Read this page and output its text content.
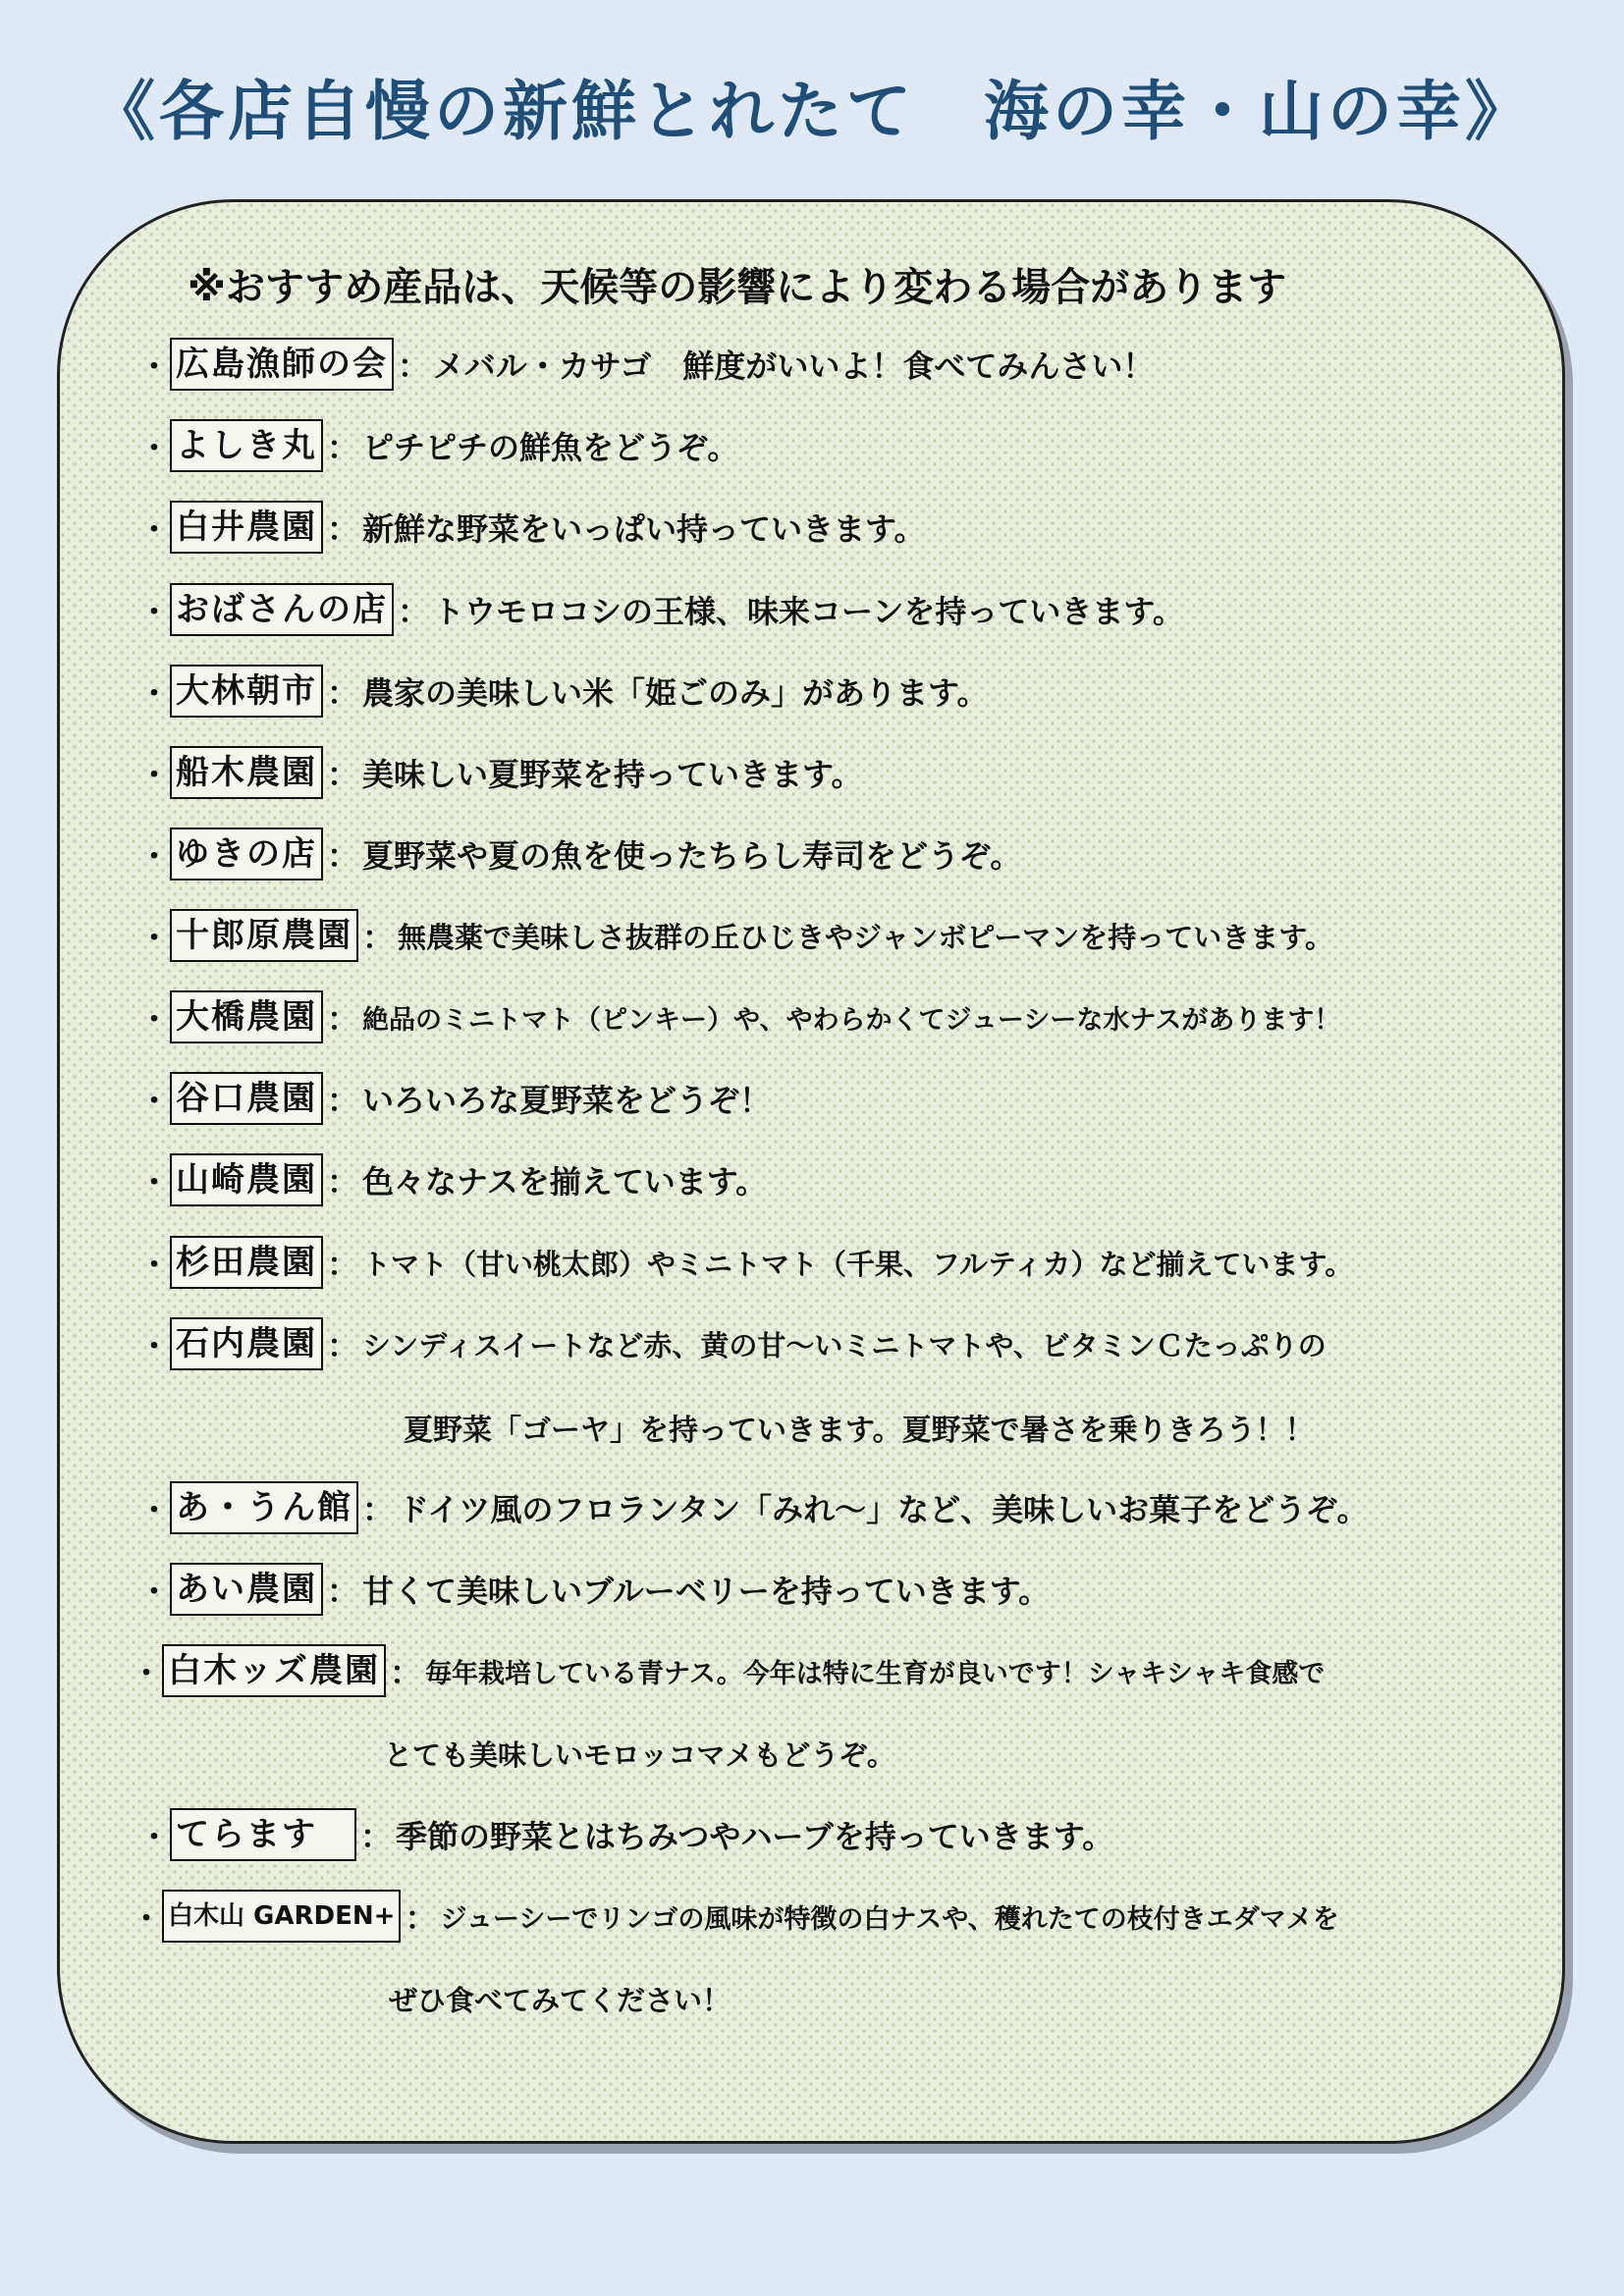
《各店自慢の新鮮とれたて　海の幸・山の幸》
※おすすめ産品は、天候等の影響により変わる場合があります
・ 広島漁師の会 ： メバル・カサゴ　鮮度がいいよ！食べてみんさい！
・ よしき丸 ： ピチピチの鮮魚をどうぞ。
・ 白井農園 ： 新鮮な野菜をいっぱい持っていきます。
・ おばさんの店 ： トウモロコシの王様、味来コーンを持っていきます。
・ 大林朝市 ： 農家の美味しい米「姫ごのみ」があります。
・ 船木農園 ： 美味しい夏野菜を持っていきます。
・ ゆきの店 ： 夏野菜や夏の魚を使ったちらし寿司をどうぞ。
・ 十郎原農園 ： 無農薬で美味しさ抜群の丘ひじきやジャンボピーマンを持っていきます。
・ 大橋農園 ： 絶品のミニトマト（ピンキー）や、やわらかくてジューシーな水ナスがあります！
・ 谷口農園 ： いろいろな夏野菜をどうぞ！
・ 山崎農園 ： 色々なナスを揃えています。
・ 杉田農園 ： トマト（甘い桃太郎）やミニトマト（千果、フルティカ）など揃えています。
・ 石内農園 ： シンディスイートなど赤、黄の甘～いミニトマトや、ビタミンＣたっぷりの
夏野菜「ゴーヤ」を持っていきます。夏野菜で暑さを乗りきろう！！
・ あ・うん館 ： ドイツ風のフロランタン「みれ～」など、美味しいお菓子をどうぞ。
・ あい農園 ： 甘くて美味しいブルーベリーを持っていきます。
・ 白木ッズ農園 ： 毎年栽培している青ナス。今年は特に生育が良いです！シャキシャキ食感で
とても美味しいモロッコマメもどうぞ。
・ てらます	： 季節の野菜とはちみつやハーブを持っていきます。
・ 白木山 GARDEN+ ： ジューシーでリンゴの風味が特徴の白ナスや、穫れたての枝付きエダマメを
ぜひ食べてみてください！
